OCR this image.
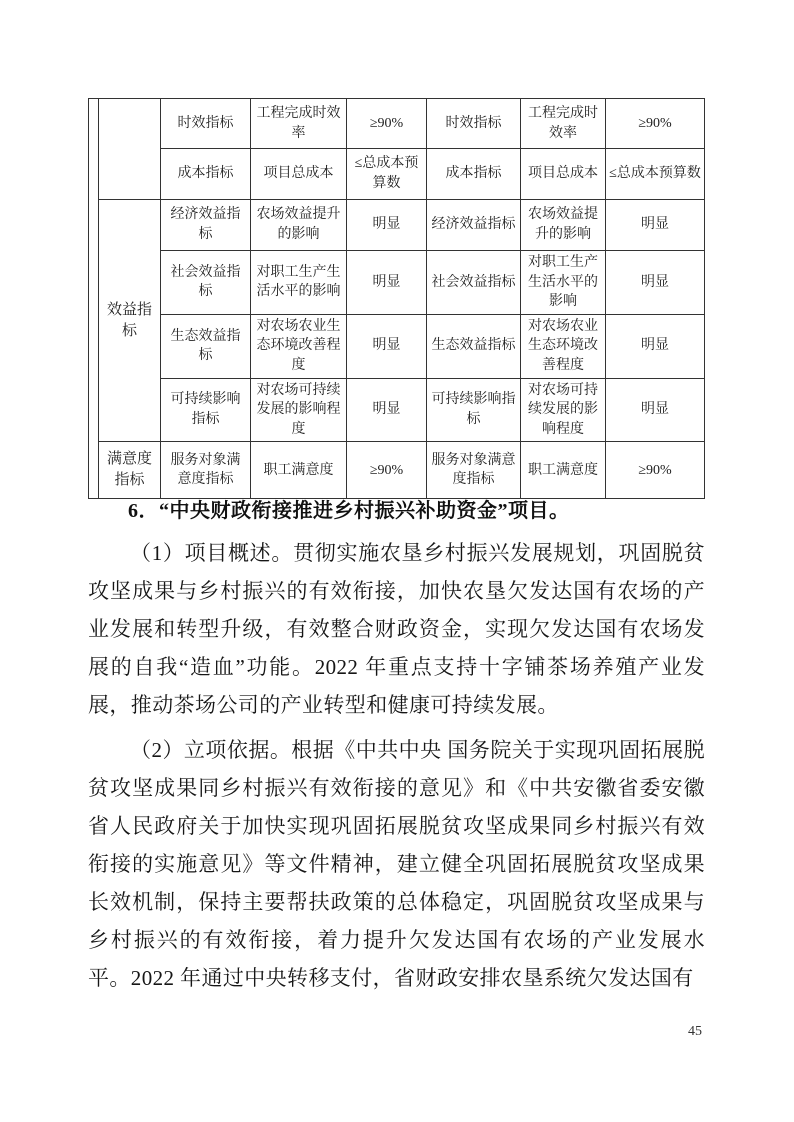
		时效指标	工程完成时效率	≥90%	时效指标	工程完成时效率	≥90%
		成本指标	项目总成本	≤总成本预算数	成本指标	项目总成本	≤总成本预算数
	效益指标	经济效益指标	农场效益提升的影响	明显	经济效益指标	农场效益提升的影响	明显
		社会效益指标	对职工生产生活水平的影响	明显	社会效益指标	对职工生产生活水平的影响	明显
		生态效益指标	对农场农业生态环境改善程度	明显	生态效益指标	对农场农业生态环境改善程度	明显
		可持续影响指标	对农场可持续发展的影响程度	明显	可持续影响指标	对农场可持续发展的影响程度	明显
	满意度指标	服务对象满意度指标	职工满意度	≥90%	服务对象满意度指标	职工满意度	≥90%
6．“中央财政衔接推进乡村振兴补助资金”项目。

（1）项目概述。贯彻实施农垦乡村振兴发展规划，巩固脱贫攻坚成果与乡村振兴的有效衔接，加快农垦欠发达国有农场的产业发展和转型升级，有效整合财政资金，实现欠发达国有农场发展的自我“造血”功能。2022 年重点支持十字铺茶场养殖产业发展，推动茶场公司的产业转型和健康可持续发展。

（2）立项依据。根据《中共中央 国务院关于实现巩固拓展脱贫攻坚成果同乡村振兴有效衔接的意见》和《中共安徽省委安徽省人民政府关于加快实现巩固拓展脱贫攻坚成果同乡村振兴有效衔接的实施意见》等文件精神，建立健全巩固拓展脱贫攻坚成果长效机制，保持主要帮扶政策的总体稳定，巩固脱贫攻坚成果与乡村振兴的有效衔接，着力提升欠发达国有农场的产业发展水平。2022 年通过中央转移支付，省财政安排农垦系统欠发达国有

45
